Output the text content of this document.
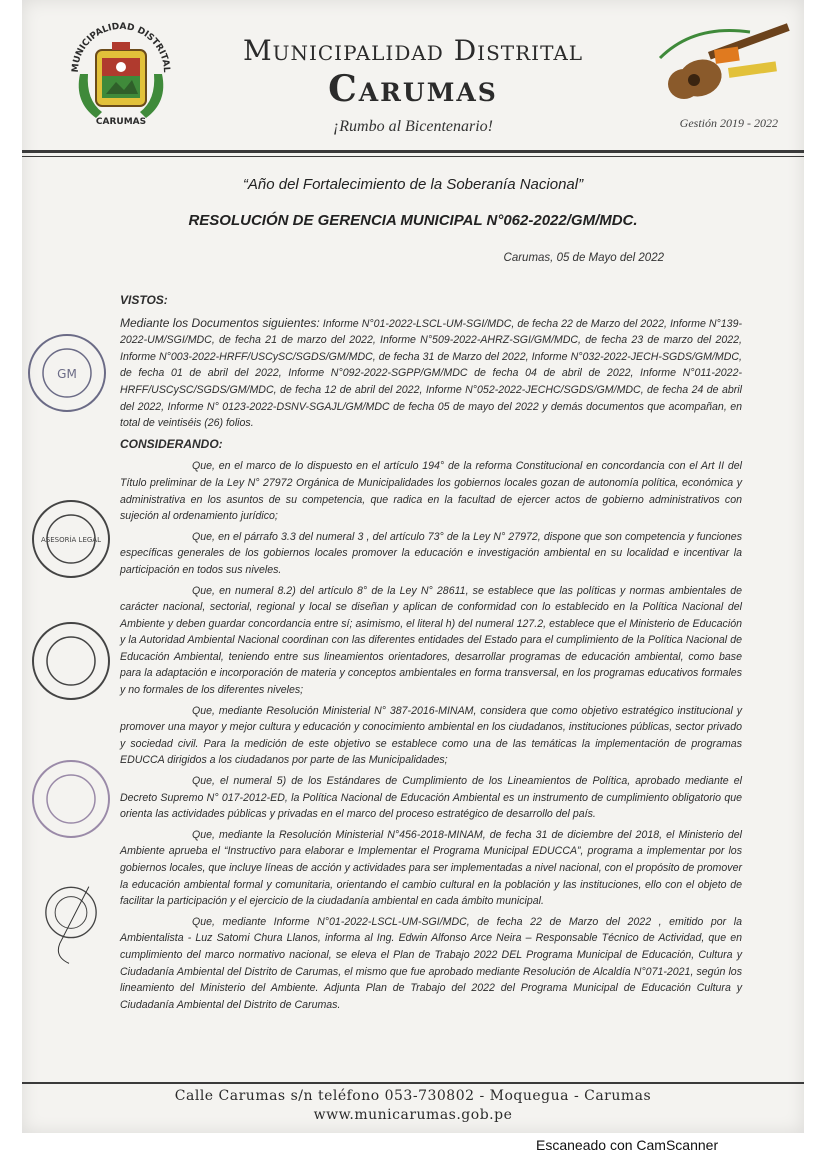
MUNICIPALIDAD DISTRITAL
CARUMAS
Municipalidad Distrital
Carumas
¡Rumbo al Bicentenario!	Gestión 2019 - 2022
“Año del Fortalecimiento de la Soberanía Nacional”
RESOLUCIÓN DE GERENCIA MUNICIPAL N°062-2022/GM/MDC.
Carumas, 05 de Mayo del 2022

VISTOS:

Mediante los Documentos siguientes: Informe N°01-2022-LSCL-UM-SGI/MDC, de fecha 22 de Marzo del 2022, Informe N°139-2022-UM/SGI/MDC, de fecha 21 de marzo del 2022, Informe N°509-2022-AHRZ-SGI/GM/MDC, de fecha 23 de marzo del 2022, Informe N°003-2022-HRFF/USCySC/SGDS/GM/MDC, de fecha 31 de Marzo del 2022, Informe N°032-2022-JECH-SGDS/GM/MDC, de fecha 01 de abril del 2022, Informe N°092-2022-SGPP/GM/MDC de fecha 04 de abril de 2022, Informe N°011-2022-HRFF/USCySC/SGDS/GM/MDC, de fecha 12 de abril del 2022, Informe N°052-2022-JECHC/SGDS/GM/MDC, de fecha 24 de abril del 2022, Informe N° 0123-2022-DSNV-SGAJL/GM/MDC de fecha 05 de mayo del 2022 y demás documentos que acompañan, en total de veintiséis (26) folios.

CONSIDERANDO:

Que, en el marco de lo dispuesto en el artículo 194° de la reforma Constitucional en concordancia con el Art II del Título preliminar de la Ley N° 27972 Orgánica de Municipalidades los gobiernos locales gozan de autonomía política, económica y administrativa en los asuntos de su competencia, que radica en la facultad de ejercer actos de gobierno administrativos con sujeción al ordenamiento jurídico;

Que, en el párrafo 3.3 del numeral 3 , del artículo 73° de la Ley N° 27972, dispone que son competencia y funciones específicas generales de los gobiernos locales promover la educación e investigación ambiental en su localidad e incentivar la participación en todos sus niveles.

Que, en numeral 8.2) del artículo 8° de la Ley N° 28611, se establece que las políticas y normas ambientales de carácter nacional, sectorial, regional y local se diseñan y aplican de conformidad con lo establecido en la Política Nacional del Ambiente y deben guardar concordancia entre sí; asimismo, el literal h) del numeral 127.2, establece que el Ministerio de Educación y la Autoridad Ambiental Nacional coordinan con las diferentes entidades del Estado para el cumplimiento de la Política Nacional de Educación Ambiental, teniendo entre sus lineamientos orientadores, desarrollar programas de educación ambiental, como base para la adaptación e incorporación de materia y conceptos ambientales en forma transversal, en los programas educativos formales y no formales de los diferentes niveles;

Que, mediante Resolución Ministerial N° 387-2016-MINAM, considera que como objetivo estratégico institucional y promover una mayor y mejor cultura y educación y conocimiento ambiental en los ciudadanos, instituciones públicas, sector privado y sociedad civil. Para la medición de este objetivo se establece como una de las temáticas la implementación de programas EDUCCA dirigidos a los ciudadanos por parte de las Municipalidades;

Que, el numeral 5) de los Estándares de Cumplimiento de los Lineamientos de Política, aprobado mediante el Decreto Supremo N° 017-2012-ED, la Política Nacional de Educación Ambiental es un instrumento de cumplimiento obligatorio que orienta las actividades públicas y privadas en el marco del proceso estratégico de desarrollo del país.

Que, mediante la Resolución Ministerial N°456-2018-MINAM, de fecha 31 de diciembre del 2018, el Ministerio del Ambiente aprueba el “Instructivo para elaborar e Implementar el Programa Municipal EDUCCA”, programa a implementar por los gobiernos locales, que incluye líneas de acción y actividades para ser implementadas a nivel nacional, con el propósito de promover la educación ambiental formal y comunitaria, orientando el cambio cultural en la población y las instituciones, ello con el objeto de facilitar la participación y el ejercicio de la ciudadanía ambiental en cada ámbito municipal.

Que, mediante Informe N°01-2022-LSCL-UM-SGI/MDC, de fecha 22 de Marzo del 2022 , emitido por la Ambientalista - Luz Satomi Chura Llanos, informa al Ing. Edwin Alfonso Arce Neira – Responsable Técnico de Actividad, que en cumplimiento del marco normativo nacional, se eleva el Plan de Trabajo 2022 DEL Programa Municipal de Educación, Cultura y Ciudadanía Ambiental del Distrito de Carumas, el mismo que fue aprobado mediante Resolución de Alcaldía N°071-2021, según los lineamiento del Ministerio del Ambiente. Adjunta Plan de Trabajo del 2022 del Programa Municipal de Educación Cultura y Ciudadanía Ambiental del Distrito de Carumas.

GM
ASESORÍA LEGAL
Calle Carumas s/n teléfono 053-730802 - Moquegua - Carumas
www.municarumas.gob.pe
Escaneado con CamScanner
